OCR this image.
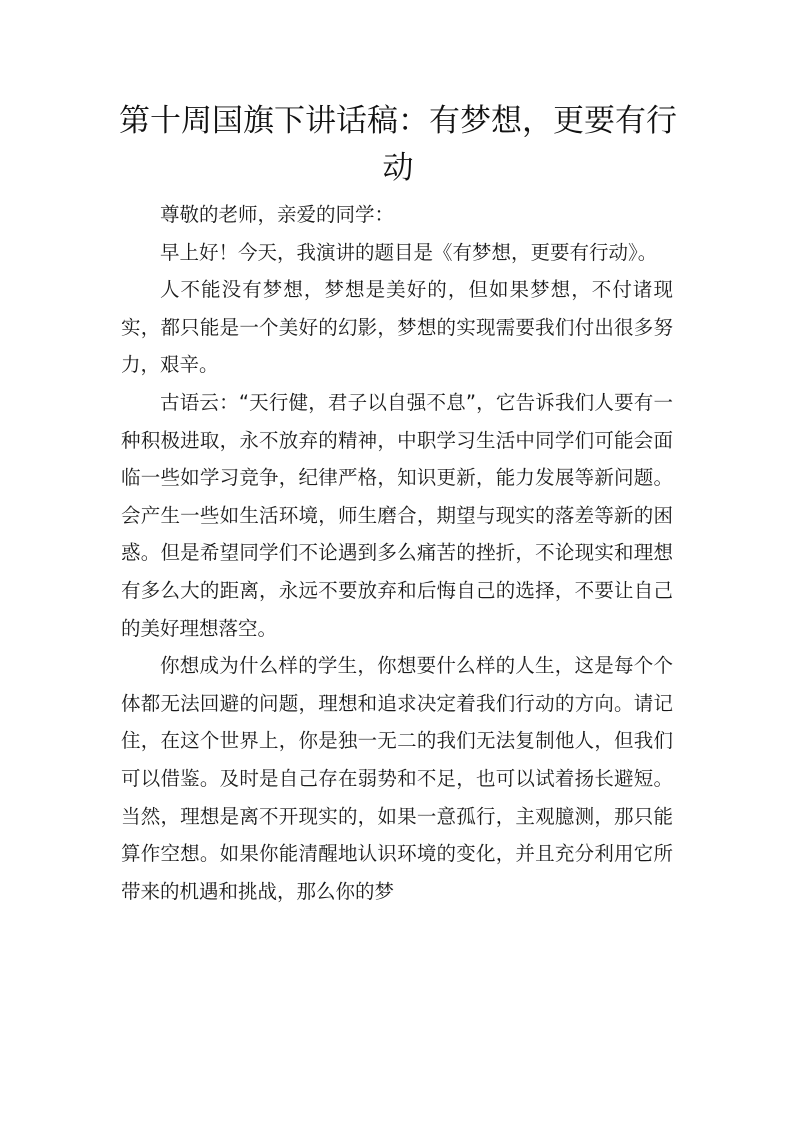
第十周国旗下讲话稿：有梦想，更要有行动

尊敬的老师，亲爱的同学：

早上好！今天，我演讲的题目是《有梦想，更要有行动》。

人不能没有梦想，梦想是美好的，但如果梦想，不付诸现实，都只能是一个美好的幻影，梦想的实现需要我们付出很多努力，艰辛。

古语云：“天行健，君子以自强不息”，它告诉我们人要有一种积极进取，永不放弃的精神，中职学习生活中同学们可能会面临一些如学习竞争，纪律严格，知识更新，能力发展等新问题。会产生一些如生活环境，师生磨合，期望与现实的落差等新的困惑。但是希望同学们不论遇到多么痛苦的挫折，不论现实和理想有多么大的距离，永远不要放弃和后悔自己的选择，不要让自己的美好理想落空。

你想成为什么样的学生，你想要什么样的人生，这是每个个体都无法回避的问题，理想和追求决定着我们行动的方向。请记住，在这个世界上，你是独一无二的我们无法复制他人，但我们可以借鉴。及时是自己存在弱势和不足，也可以试着扬长避短。当然，理想是离不开现实的，如果一意孤行，主观臆测，那只能算作空想。如果你能清醒地认识环境的变化，并且充分利用它所带来的机遇和挑战，那么你的梦
